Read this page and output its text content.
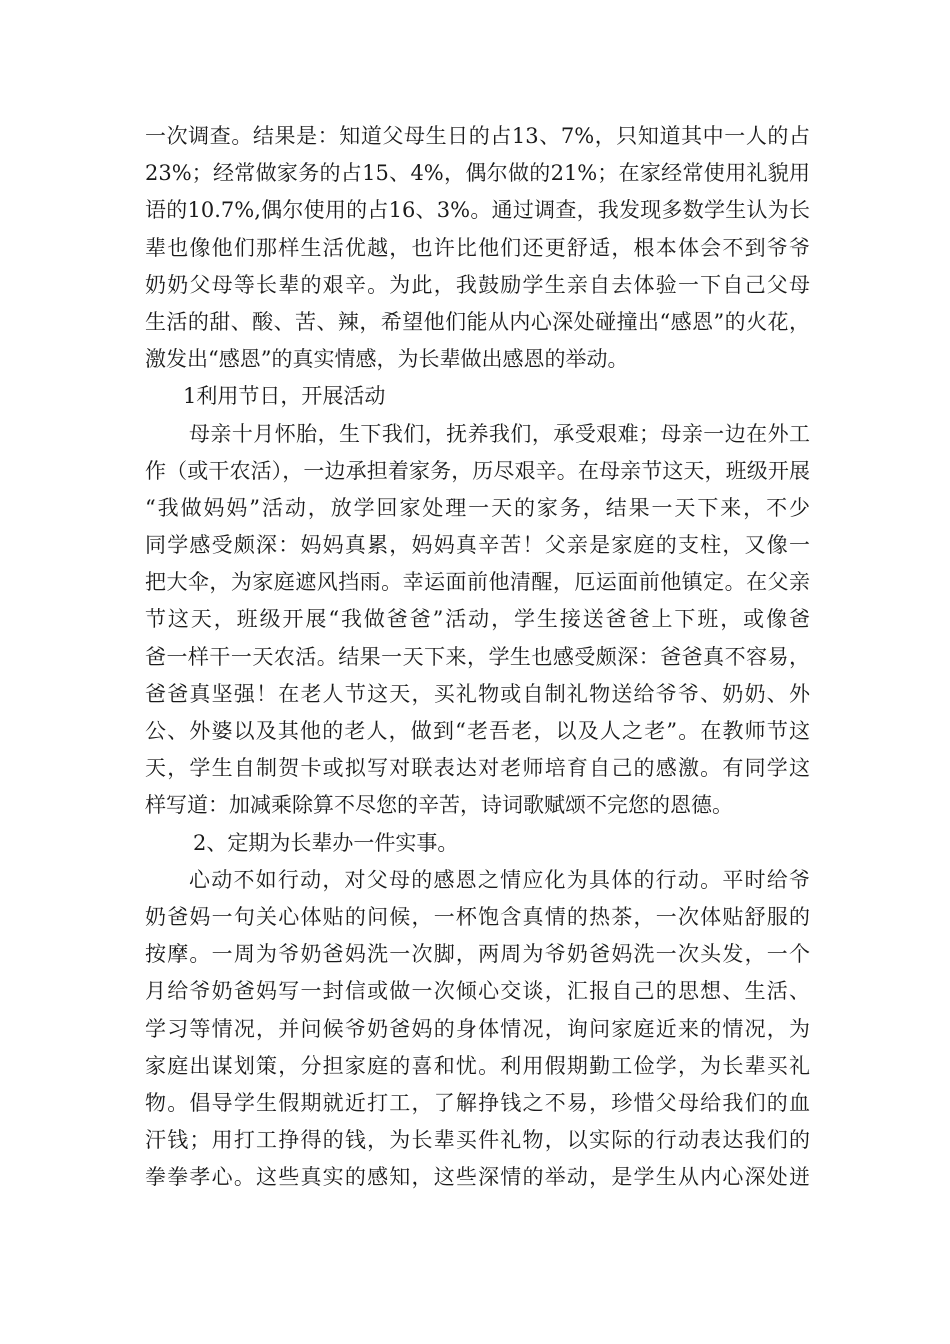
一次调查。结果是：知道父母生日的占13、7%，只知道其中一人的占
23%；经常做家务的占15、4%，偶尔做的21%；在家经常使用礼貌用
语的10.7%,偶尔使用的占16、3%。通过调查，我发现多数学生认为长
辈也像他们那样生活优越，也许比他们还更舒适，根本体会不到爷爷
奶奶父母等长辈的艰辛。为此，我鼓励学生亲自去体验一下自己父母
生活的甜、酸、苦、辣，希望他们能从内心深处碰撞出“感恩”的火花，
激发出“感恩”的真实情感，为长辈做出感恩的举动。
1利用节日，开展活动
母亲十月怀胎，生下我们，抚养我们，承受艰难；母亲一边在外工
作（或干农活），一边承担着家务，历尽艰辛。在母亲节这天，班级开展
“我做妈妈”活动，放学回家处理一天的家务，结果一天下来，不少
同学感受颇深：妈妈真累，妈妈真辛苦！父亲是家庭的支柱，又像一
把大伞，为家庭遮风挡雨。幸运面前他清醒，厄运面前他镇定。在父亲
节这天，班级开展“我做爸爸”活动，学生接送爸爸上下班，或像爸
爸一样干一天农活。结果一天下来，学生也感受颇深：爸爸真不容易，
爸爸真坚强！在老人节这天，买礼物或自制礼物送给爷爷、奶奶、外
公、外婆以及其他的老人，做到“老吾老，以及人之老”。在教师节这
天，学生自制贺卡或拟写对联表达对老师培育自己的感激。有同学这
样写道：加减乘除算不尽您的辛苦，诗词歌赋颂不完您的恩德。
2、定期为长辈办一件实事。
心动不如行动，对父母的感恩之情应化为具体的行动。平时给爷
奶爸妈一句关心体贴的问候，一杯饱含真情的热茶，一次体贴舒服的
按摩。一周为爷奶爸妈洗一次脚，两周为爷奶爸妈洗一次头发，一个
月给爷奶爸妈写一封信或做一次倾心交谈，汇报自己的思想、生活、
学习等情况，并问候爷奶爸妈的身体情况，询问家庭近来的情况，为
家庭出谋划策，分担家庭的喜和忧。利用假期勤工俭学，为长辈买礼
物。倡导学生假期就近打工，了解挣钱之不易，珍惜父母给我们的血
汗钱；用打工挣得的钱，为长辈买件礼物，以实际的行动表达我们的
拳拳孝心。这些真实的感知，这些深情的举动，是学生从内心深处迸
